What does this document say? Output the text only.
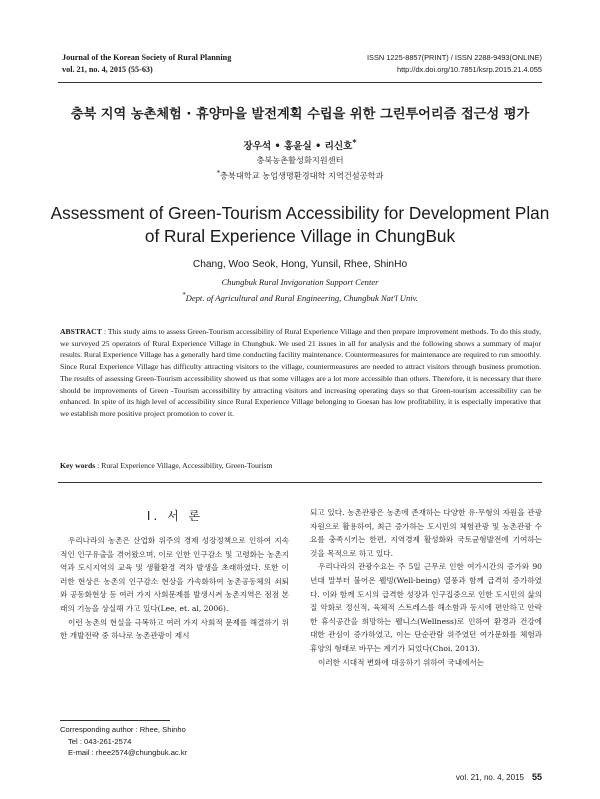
Journal of the Korean Society of Rural Planning
vol. 21, no. 4, 2015 (55-63)
ISSN 1225-8857(PRINT) / ISSN 2288-9493(ONLINE)
http://dx.doi.org/10.7851/ksrp.2015.21.4.055
충북 지역 농촌체험 · 휴양마을 발전계획 수립을 위한 그린투어리즘 접근성 평가
장우석 • 홍윤실 • 리신호*
충북농촌활성화지원센터
*충북대학교 농업생명환경대학 지역건설공학과
Assessment of Green-Tourism Accessibility for Development Plan
of Rural Experience Village in ChungBuk
Chang, Woo Seok, Hong, Yunsil, Rhee, ShinHo
Chungbuk Rural Invigoration Support Center
*Dept. of Agricultural and Rural Engineering, Chungbuk Nat'l Univ.
ABSTRACT : This study aims to assess Green-Tourism accessibility of Rural Experience Village and then prepare improvement methods. To do this study, we surveyed 25 operators of Rural Experience Village in Chungbuk. We used 21 issues in all for analysis and the following shows a summary of major results. Rural Experience Village has a generally hard time conducting facility maintenance. Countermeasures for maintenance are required to run smoothly. Since Rural Experience Village has difficulty attracting visitors to the village, countermeasures are needed to attract visitors through business promotion. The results of assessing Green-Tourism accessibility showed us that some villages are a lot more accessible than others. Therefore, it is necessary that there should be improvements of Green -Tourism accessibility by attracting visitors and increasing operating days so that Green-tourism accessibility can be enhanced. In spite of its high level of accessibility since Rural Experience Village belonging to Goesan has low profitability, it is especially imperative that we establish more positive project promotion to cover it.
Key words : Rural Experience Village, Accessibility, Green-Tourism
I. 서 론

우리나라의 농촌은 산업화 위주의 경제 성장정책으로 인하여 지속적인 인구유출을 겪어왔으며, 이로 인한 인구감소 및 고령화는 농촌지역과 도시지역의 교육 및 생활환경 격차 발생을 초래하였다. 또한 이러한 현상은 농촌의 인구감소 현상을 가속화하여 농촌공동체의 쇠퇴와 공동화현상 등 여러 가지 사회문제를 발생시켜 농촌지역은 점점 본래의 기능을 상실해 가고 있다(Lee, et. al, 2006).

이런 농촌의 현실을 극복하고 여러 가지 사회적 문제를 해결하기 위한 개발전략 중 하나로 농촌관광이 제시

되고 있다. 농촌관광은 농촌에 존재하는 다양한 유·무형의 자원을 관광자원으로 활용하여, 최근 증가하는 도시민의 체험관광 및 농촌관광 수요를 충족시키는 한편, 지역경제 활성화와 국토균형발전에 기여하는 것을 목적으로 하고 있다.

우리나라의 관광수요는 주 5일 근무로 인한 여가시간의 증가와 90년대 말부터 불어온 웰빙(Well-being) 열풍과 함께 급격히 증가하였다. 이와 함께 도시의 급격한 성장과 인구집중으로 인한 도시민의 삶의 질 악화로 정신적, 육체적 스트레스를 해소함과 동시에 편안하고 안락한 휴식공간을 희망하는 웰니스(Wellness)로 인하여 환경과 건강에 대한 관심이 증가하였고, 이는 단순관람 위주였던 여가문화를 체험과 휴양의 형태로 바꾸는 계기가 되었다(Choi, 2013).

이러한 시대적 변화에 대응하기 위하여 국내에서는

Corresponding author : Rhee, Shinho
Tel : 043-261-2574
E-mail : rhee2574@chungbuk.ac.kr
vol. 21, no. 4, 2015 55
